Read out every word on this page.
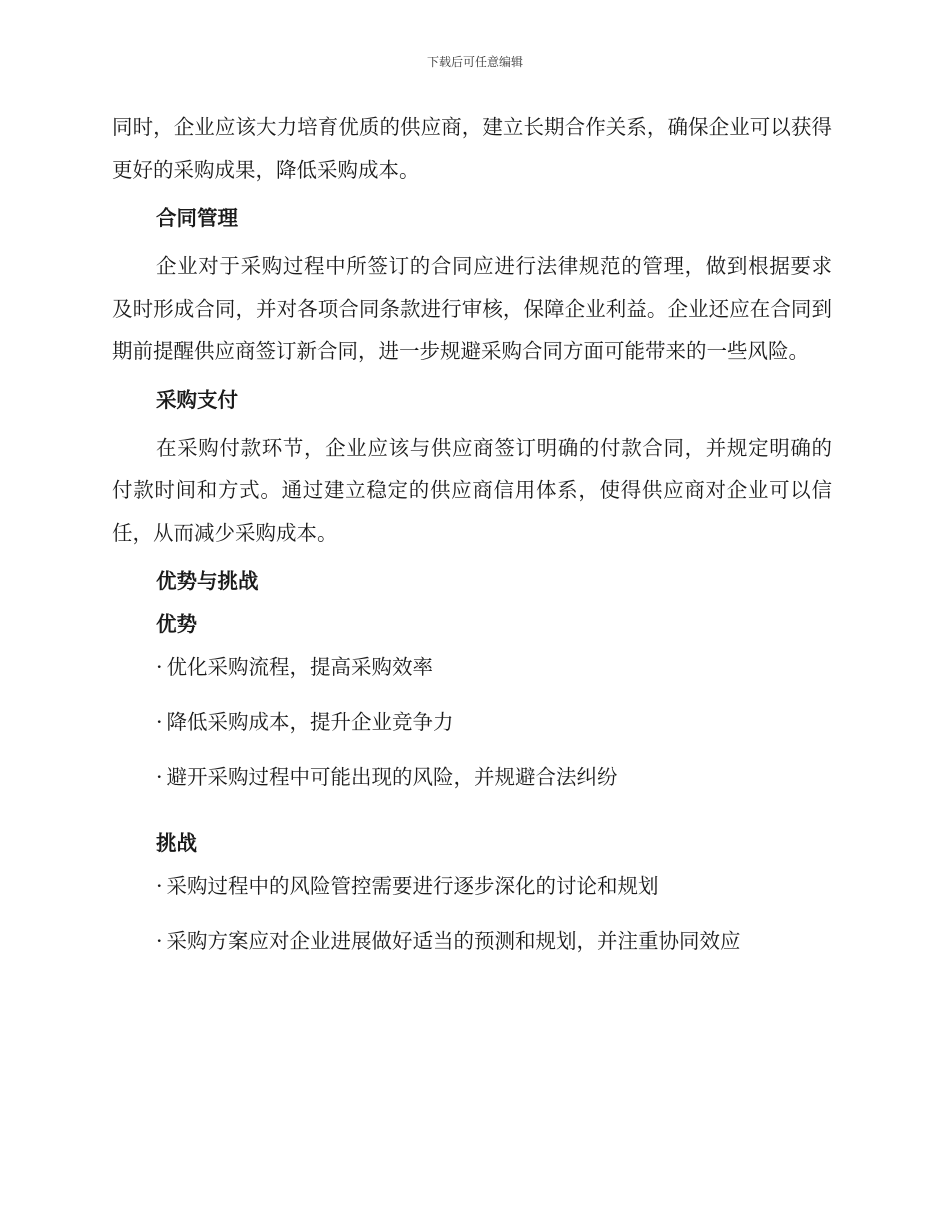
下载后可任意编辑

同时，企业应该大力培育优质的供应商，建立长期合作关系，确保企业可以获得更好的采购成果，降低采购成本。

合同管理

企业对于采购过程中所签订的合同应进行法律规范的管理，做到根据要求及时形成合同，并对各项合同条款进行审核，保障企业利益。企业还应在合同到期前提醒供应商签订新合同，进一步规避采购合同方面可能带来的一些风险。

采购支付

在采购付款环节，企业应该与供应商签订明确的付款合同，并规定明确的付款时间和方式。通过建立稳定的供应商信用体系，使得供应商对企业可以信任，从而减少采购成本。

优势与挑战
优势

· 优化采购流程，提高采购效率

· 降低采购成本，提升企业竞争力

· 避开采购过程中可能出现的风险，并规避合法纠纷

挑战

· 采购过程中的风险管控需要进行逐步深化的讨论和规划

· 采购方案应对企业进展做好适当的预测和规划，并注重协同效应
